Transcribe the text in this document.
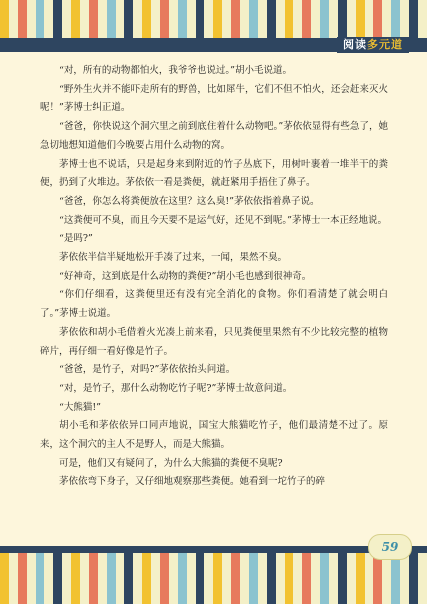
阅读多元道

“对，所有的动物都怕火，我爷爷也说过。”胡小毛说道。

“野外生火并不能吓走所有的野兽，比如犀牛，它们不但不怕火，还会赶来灭火呢！”茅博士纠正道。

“爸爸，你快说这个洞穴里之前到底住着什么动物吧。”茅依依显得有些急了，她急切地想知道他们今晚要占用什么动物的窝。

茅博士也不说话，只是起身来到附近的竹子丛底下，用树叶裹着一堆半干的粪便，扔到了火堆边。茅依依一看是粪便，就赶紧用手捂住了鼻子。

“爸爸，你怎么将粪便放在这里？这么臭!”茅依依指着鼻子说。

“这粪便可不臭，而且今天要不是运气好，还见不到呢。”茅博士一本正经地说。

“是吗?”

茅依依半信半疑地松开手凑了过来，一闻，果然不臭。

“好神奇，这到底是什么动物的粪便?”胡小毛也感到很神奇。

“你们仔细看，这粪便里还有没有完全消化的食物。你们看清楚了就会明白了。”茅博士说道。

茅依依和胡小毛借着火光凑上前来看，只见粪便里果然有不少比较完整的植物碎片，再仔细一看好像是竹子。

“爸爸，是竹子，对吗?”茅依依抬头问道。

“对，是竹子，那什么动物吃竹子呢?”茅博士故意问道。

“大熊猫!”

胡小毛和茅依依异口同声地说，国宝大熊猫吃竹子，他们最清楚不过了。原来，这个洞穴的主人不是野人，而是大熊猫。

可是，他们又有疑问了，为什么大熊猫的粪便不臭呢?

茅依依弯下身子，又仔细地观察那些粪便。她看到一坨竹子的碎

59
